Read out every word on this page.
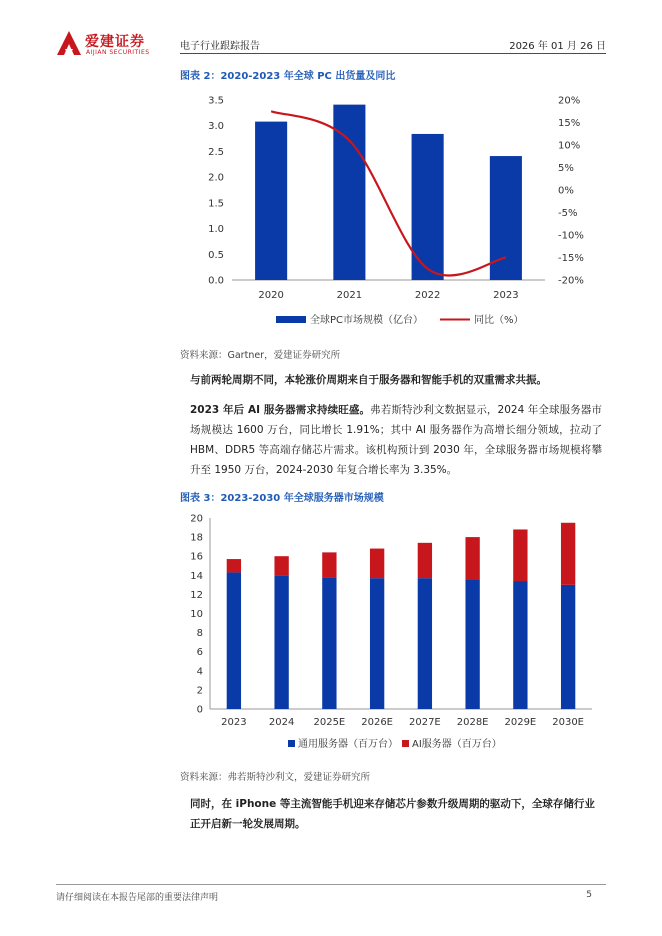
爱建证券
AIJIAN SECURITIES
电子行业跟踪报告	2026 年 01 月 26 日
图表 2：2020-2023 年全球 PC 出货量及同比
0.0
0.5
1.0
1.5
2.0
2.5
3.0
3.5
-20%
-15%
-10%
-5%
0%
5%
10%
15%
20%
2020	2021	2022	2023
全球PC市场规模（亿台）	同比（%）
资料来源：Gartner，爱建证券研究所
与前两轮周期不同，本轮涨价周期来自于服务器和智能手机的双重需求共振。
2023 年后 AI 服务器需求持续旺盛。弗若斯特沙利文数据显示，2024 年全球服务器市场规模达 1600 万台，同比增长 1.91%；其中 AI 服务器作为高增长细分领域，拉动了 HBM、DDR5 等高端存储芯片需求。该机构预计到 2030 年，全球服务器市场规模将攀升至 1950 万台，2024-2030 年复合增长率为 3.35%。
图表 3：2023-2030 年全球服务器市场规模
0
2
4
6
8
10
12
14
16
18
20
2023 2024 2025E 2026E 2027E 2028E 2029E 2030E
通用服务器（百万台） AI服务器（百万台）
资料来源：弗若斯特沙利文，爱建证券研究所
同时，在 iPhone 等主流智能手机迎来存储芯片参数升级周期的驱动下，全球存储行业正开启新一轮发展周期。
请仔细阅读在本报告尾部的重要法律声明	5
